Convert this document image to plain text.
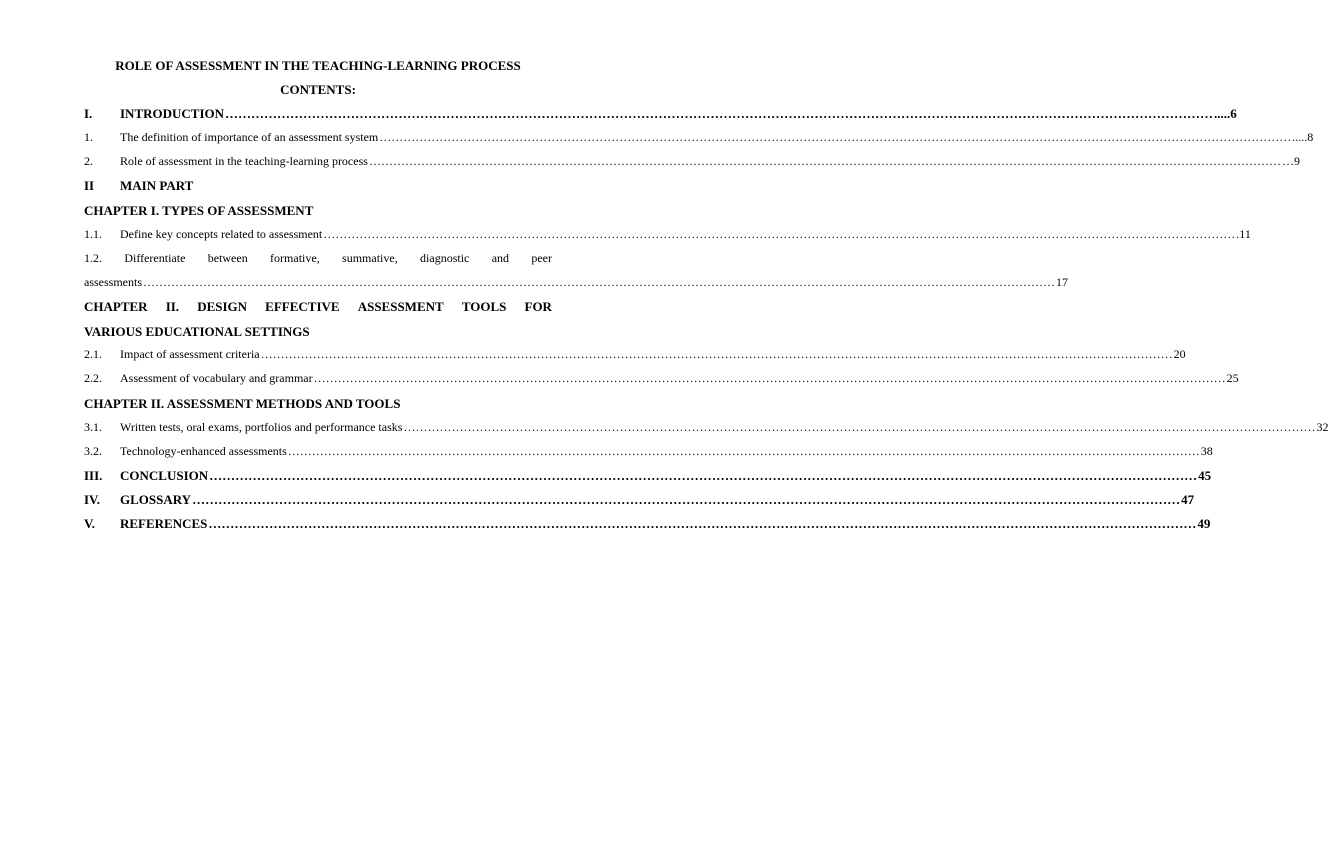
ROLE OF ASSESSMENT IN THE TEACHING-LEARNING PROCESS
CONTENTS:
I.	INTRODUCTION ………………………………………………………………………………………………………………………………………………………………………………………………………… .....6
1.	The definition of importance of an assessment system ………………………………………………………………………………………………………………………………………………………………………………………………………… .....8
2.	Role of assessment in the teaching-learning process ………………………………………………………………………………………………………………………………………………………………………………………………………… …9
II	MAIN PART
CHAPTER I. TYPES OF ASSESSMENT
1.1.	Define key concepts related to assessment ………………………………………………………………………………………………………………………………………………………………………………………………………… .11
1.2. Differentiate between formative, summative, diagnostic and peer
assessments ………………………………………………………………………………………………………………………………………………………………………………………………………… 17
CHAPTER II. DESIGN EFFECTIVE ASSESSMENT TOOLS FOR
VARIOUS EDUCATIONAL SETTINGS
2.1.	Impact of assessment criteria ………………………………………………………………………………………………………………………………………………………………………………………………………… 20
2.2.	Assessment of vocabulary and grammar ………………………………………………………………………………………………………………………………………………………………………………………………………… 25
CHAPTER II. ASSESSMENT METHODS AND TOOLS
3.1.	Written tests, oral exams, portfolios and performance tasks ………………………………………………………………………………………………………………………………………………………………………………………………………… 32
3.2.	Technology-enhanced assessments ………………………………………………………………………………………………………………………………………………………………………………………………………… 38
III.	CONCLUSION ………………………………………………………………………………………………………………………………………………………………………………………………………… 45
IV.	GLOSSARY ………………………………………………………………………………………………………………………………………………………………………………………………………… 47
V.	REFERENCES ………………………………………………………………………………………………………………………………………………………………………………………………………… 49
